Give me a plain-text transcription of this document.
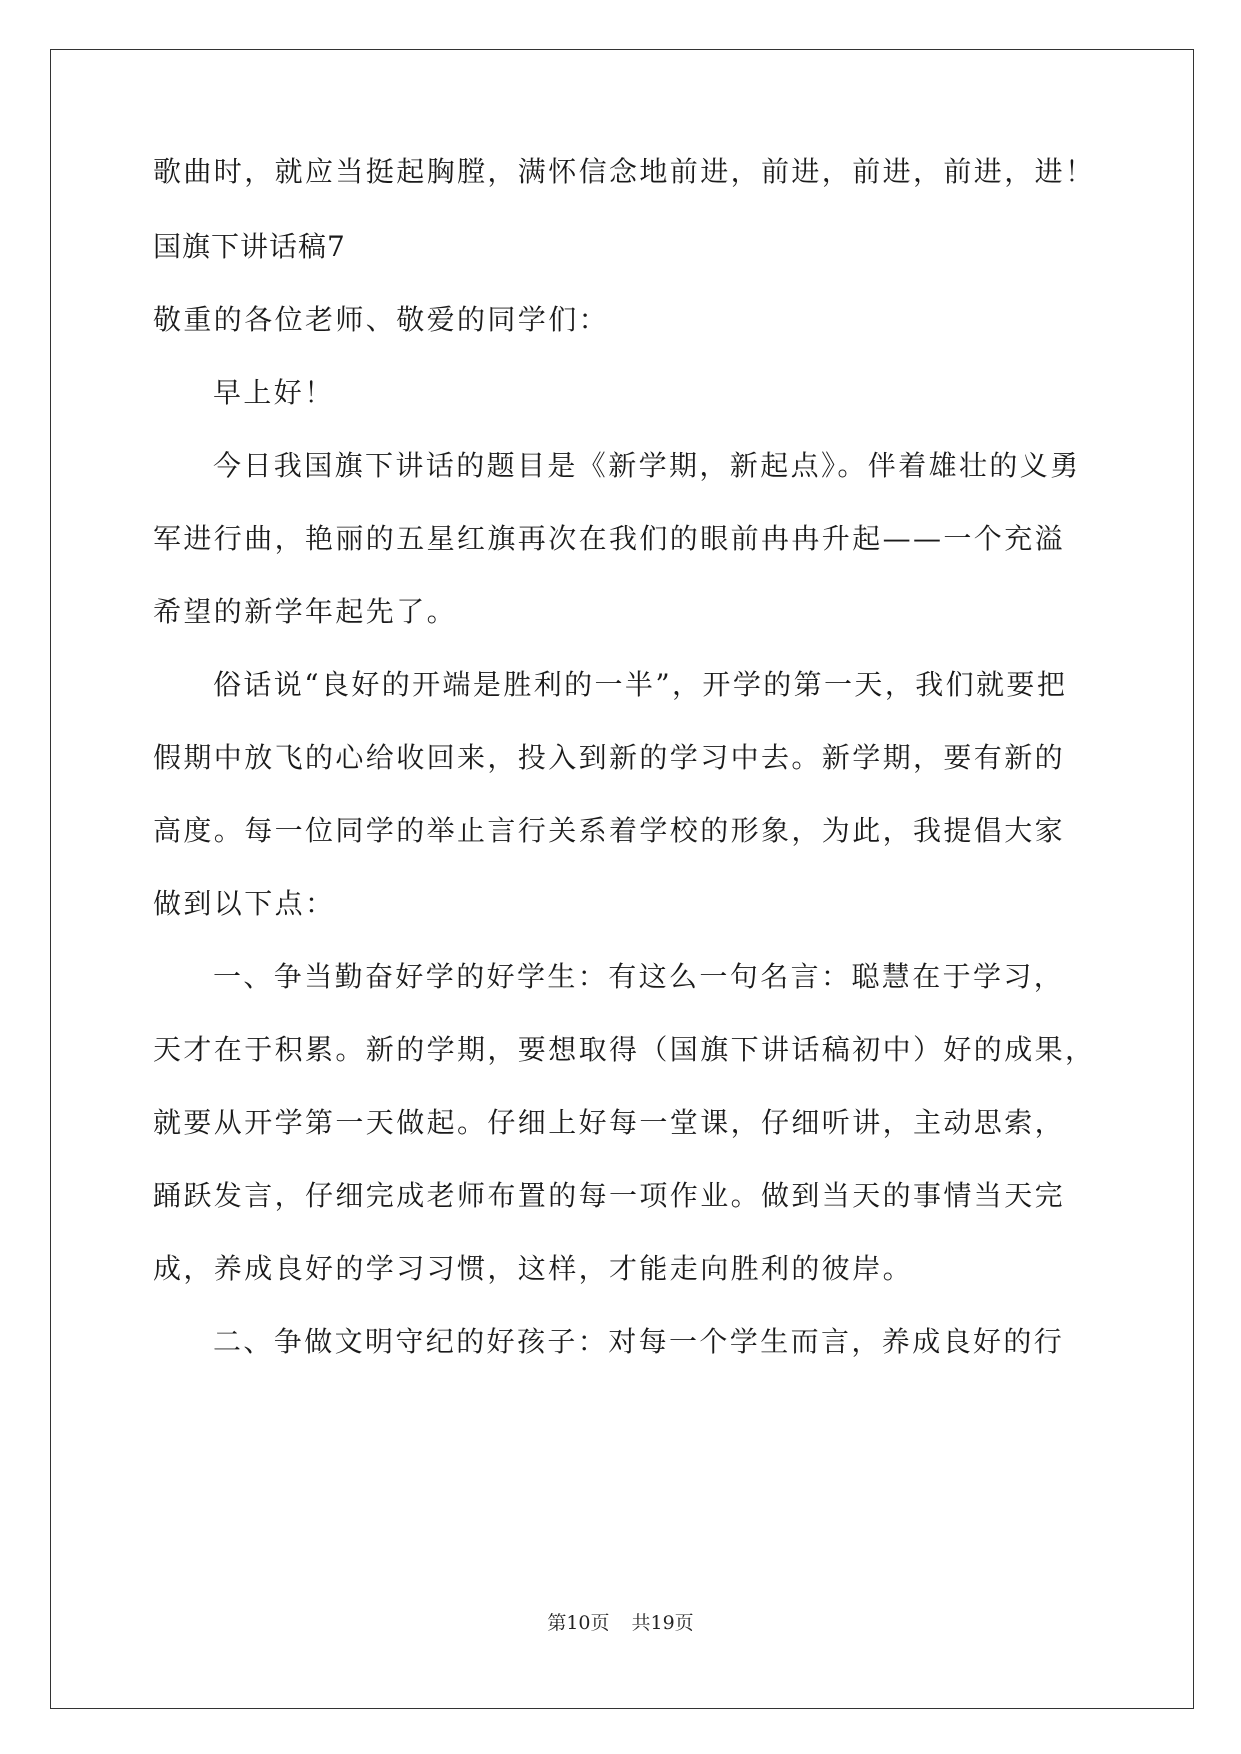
歌曲时，就应当挺起胸膛，满怀信念地前进，前进，前进，前进，进！
国旗下讲话稿7
敬重的各位老师、敬爱的同学们：
早上好！
今日我国旗下讲话的题目是《新学期，新起点》。伴着雄壮的义勇
军进行曲，艳丽的五星红旗再次在我们的眼前冉冉升起——一个充溢
希望的新学年起先了。
俗话说“良好的开端是胜利的一半”，开学的第一天，我们就要把
假期中放飞的心给收回来，投入到新的学习中去。新学期，要有新的
高度。每一位同学的举止言行关系着学校的形象，为此，我提倡大家
做到以下点：
一、争当勤奋好学的好学生：有这么一句名言：聪慧在于学习，
天才在于积累。新的学期，要想取得（国旗下讲话稿初中）好的成果，
就要从开学第一天做起。仔细上好每一堂课，仔细听讲，主动思索，
踊跃发言，仔细完成老师布置的每一项作业。做到当天的事情当天完
成，养成良好的学习习惯，这样，才能走向胜利的彼岸。
二、争做文明守纪的好孩子：对每一个学生而言，养成良好的行
第10页 共19页
